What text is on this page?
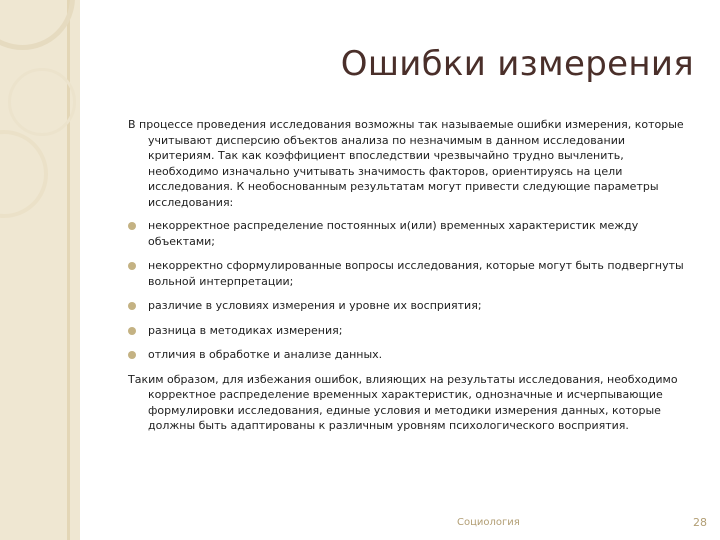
Ошибки измерения

В процессе проведения исследования возможны так называемые ошибки измерения, которые учитывают дисперсию объектов анализа по незначимым в данном исследовании критериям. Так как коэффициент впоследствии чрезвычайно трудно вычленить, необходимо изначально учитывать значимость факторов, ориентируясь на цели исследования. К необоснованным результатам могут привести следующие параметры исследования:

некорректное распределение постоянных и(или) временных характеристик между объектами;
некорректно сформулированные вопросы исследования, которые могут быть подвергнуты вольной интерпретации;
различие в условиях измерения и уровне их восприятия;
разница в методиках измерения;
отличия в обработке и анализе данных.

Таким образом, для избежания ошибок, влияющих на результаты исследования, необходимо корректное распределение временных характеристик, однозначные и исчерпывающие формулировки исследования, единые условия и методики измерения данных, которые должны быть адаптированы к различным уровням психологического восприятия.

Социология	28
